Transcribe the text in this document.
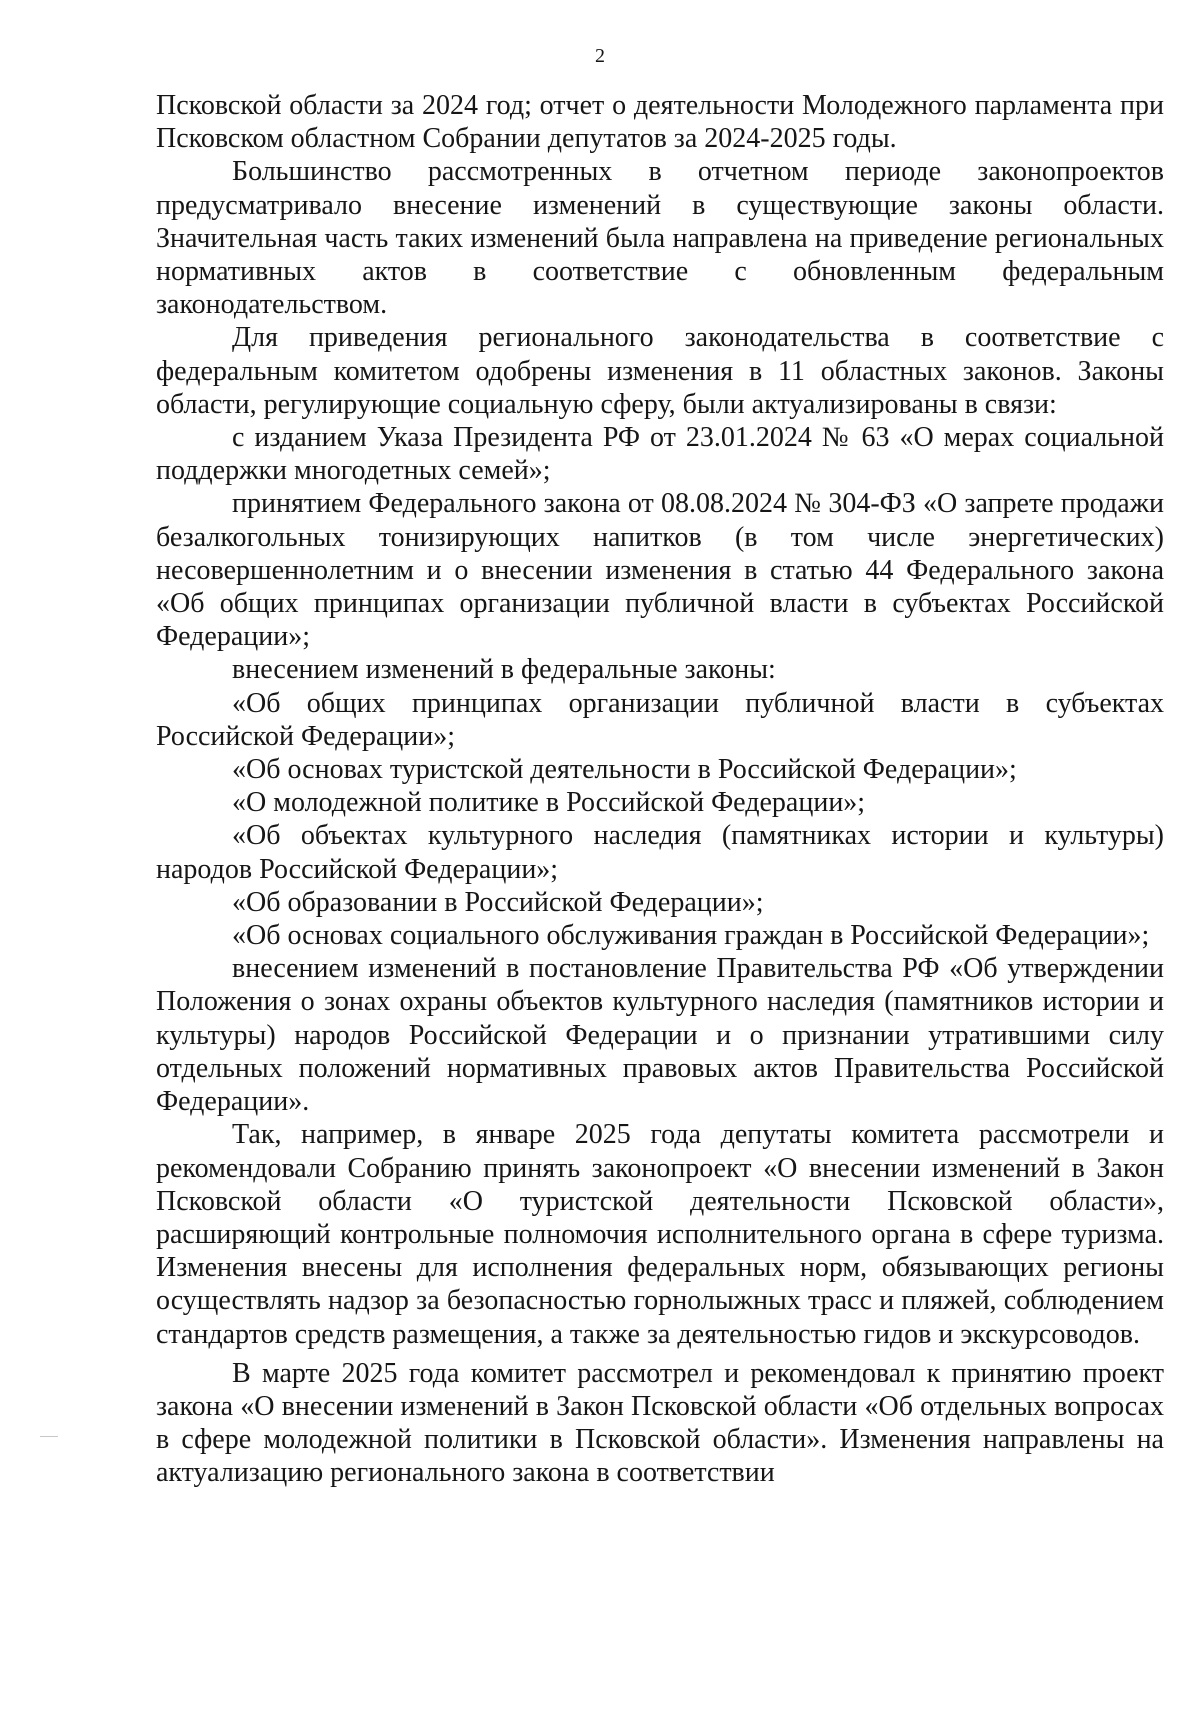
2

Псковской области за 2024 год; отчет о деятельности Молодежного парламента при Псковском областном Собрании депутатов за 2024-2025 годы.

Большинство рассмотренных в отчетном периоде законопроектов предусматривало внесение изменений в существующие законы области. Значительная часть таких изменений была направлена на приведение региональных нормативных актов в соответствие с обновленным федеральным законодательством.

Для приведения регионального законодательства в соответствие с федеральным комитетом одобрены изменения в 11 областных законов. Законы области, регулирующие социальную сферу, были актуализированы в связи:

с изданием Указа Президента РФ от 23.01.2024 № 63 «О мерах социальной поддержки многодетных семей»;

принятием Федерального закона от 08.08.2024 № 304-ФЗ «О запрете продажи безалкогольных тонизирующих напитков (в том числе энергетических) несовершеннолетним и о внесении изменения в статью 44 Федерального закона «Об общих принципах организации публичной власти в субъектах Российской Федерации»;

внесением изменений в федеральные законы:

«Об общих принципах организации публичной власти в субъектах Российской Федерации»;

«Об основах туристской деятельности в Российской Федерации»;

«О молодежной политике в Российской Федерации»;

«Об объектах культурного наследия (памятниках истории и культуры) народов Российской Федерации»;

«Об образовании в Российской Федерации»;

«Об основах социального обслуживания граждан в Российской Федерации»;

внесением изменений в постановление Правительства РФ «Об утверждении Положения о зонах охраны объектов культурного наследия (памятников истории и культуры) народов Российской Федерации и о признании утратившими силу отдельных положений нормативных правовых актов Правительства Российской Федерации».

Так, например, в январе 2025 года депутаты комитета рассмотрели и рекомендовали Собранию принять законопроект «О внесении изменений в Закон Псковской области «О туристской деятельности Псковской области», расширяющий контрольные полномочия исполнительного органа в сфере туризма. Изменения внесены для исполнения федеральных норм, обязывающих регионы осуществлять надзор за безопасностью горнолыжных трасс и пляжей, соблюдением стандартов средств размещения, а также за деятельностью гидов и экскурсоводов.

В марте 2025 года комитет рассмотрел и рекомендовал к принятию проект закона «О внесении изменений в Закон Псковской области «Об отдельных вопросах в сфере молодежной политики в Псковской области». Изменения направлены на актуализацию регионального закона в соответствии
